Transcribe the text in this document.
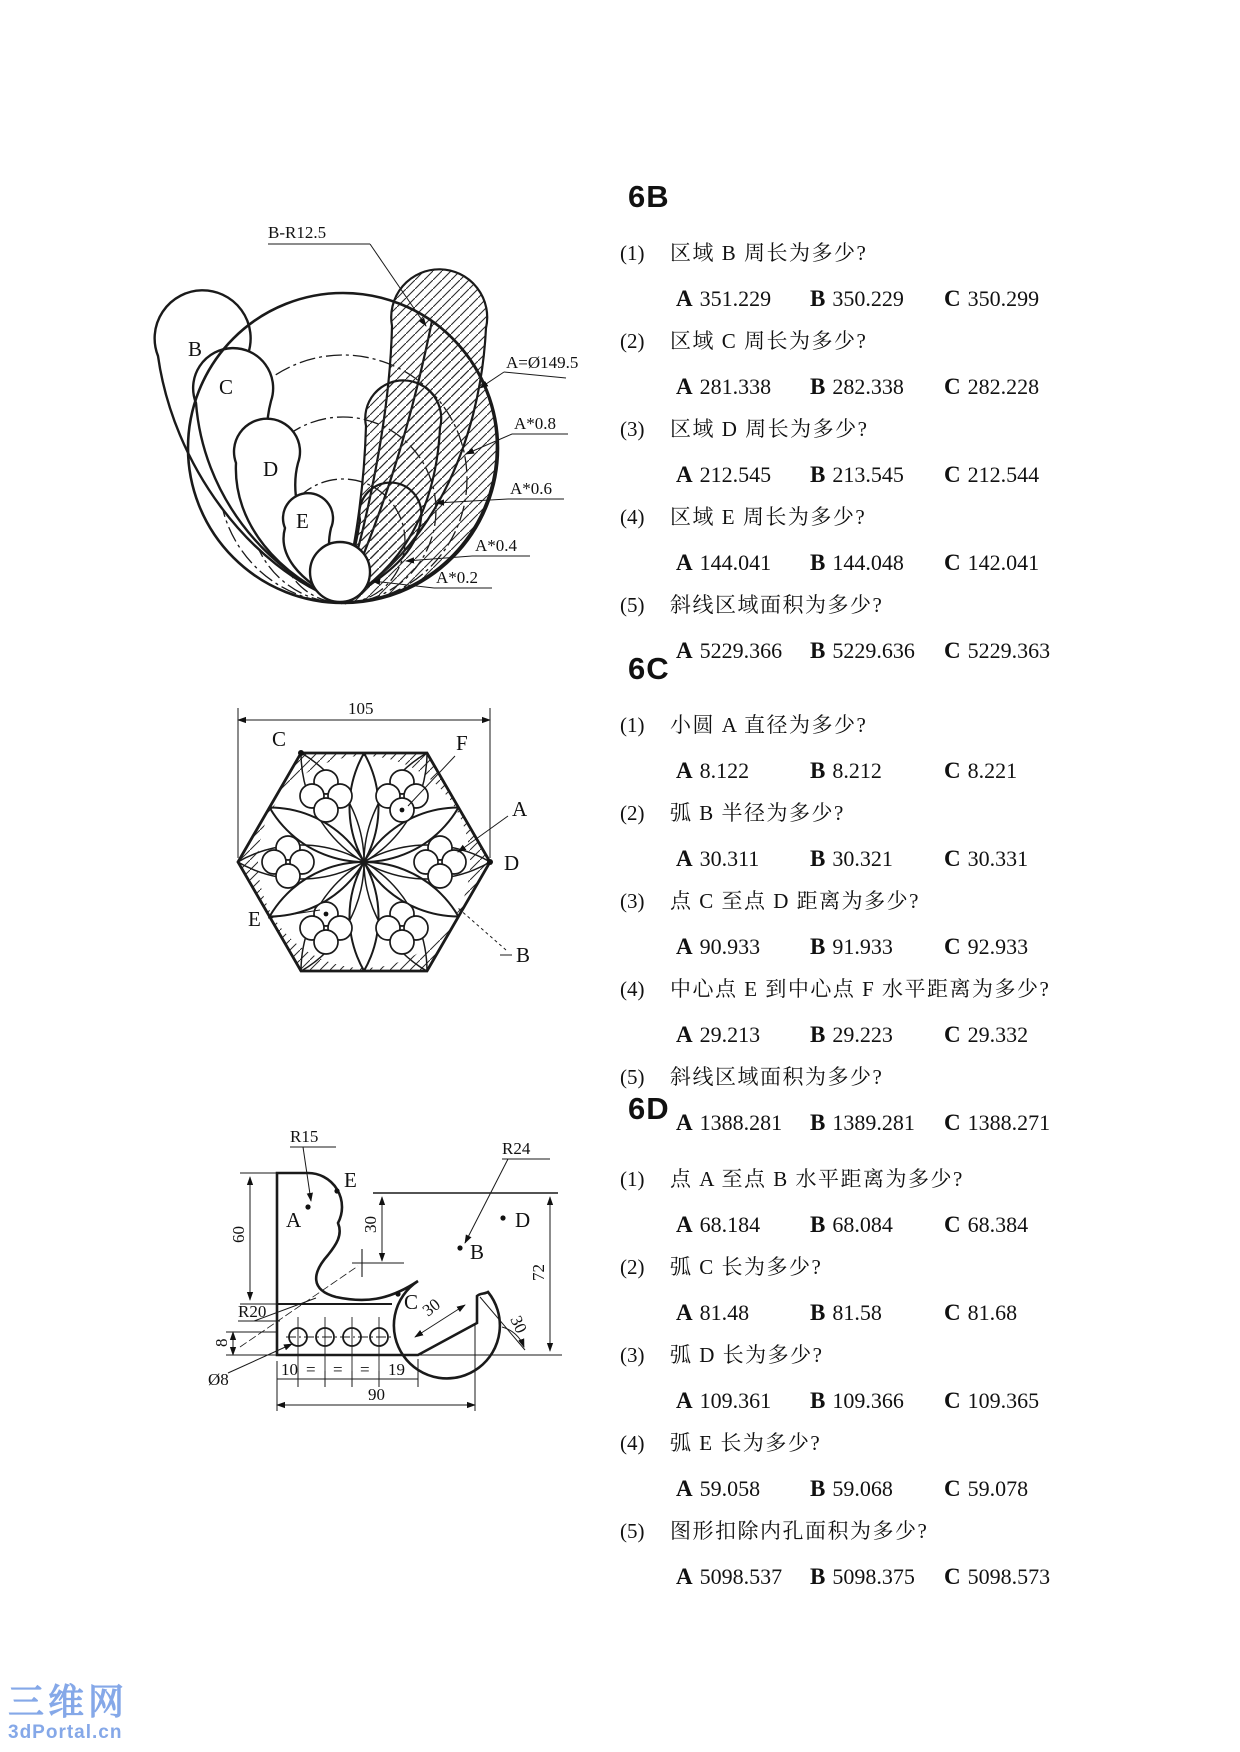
B
C
D
E
B-R12.5
A=Ø149.5
A*0.8
A*0.6
A*0.4
A*0.2
105
C	F
A
D
E
B
R15
R24
R20
Ø8
A
B
C
D
E
60
30
72
8
10 = = = 19
90
30
30
6B
(1)	区域 B 周长为多少?
A 351.229 B 350.229 C 350.299
(2)	区域 C 周长为多少?
A 281.338 B 282.338 C 282.228
(3)	区域 D 周长为多少?
A 212.545 B 213.545 C 212.544
(4)	区域 E 周长为多少?
A 144.041 B 144.048 C 142.041
(5)	斜线区域面积为多少?
A 5229.366 B 5229.636 C 5229.363
6C
(1)	小圆 A 直径为多少?
A 8.122	B 8.212	C 8.221
(2)	弧 B 半径为多少?
A 30.311 B 30.321 C 30.331
(3)	点 C 至点 D 距离为多少?
A 90.933 B 91.933 C 92.933
(4)	中心点 E 到中心点 F 水平距离为多少?
A 29.213 B 29.223 C 29.332
(5)	斜线区域面积为多少?
A 1388.281 B 1389.281 C 1388.271
6D
(1)	点 A 至点 B 水平距离为多少?
A 68.184 B 68.084 C 68.384
(2)	弧 C 长为多少?
A 81.48	B 81.58	C 81.68
(3)	弧 D 长为多少?
A 109.361 B 109.366 C 109.365
(4)	弧 E 长为多少?
A 59.058 B 59.068 C 59.078
(5)	图形扣除内孔面积为多少?
A 5098.537 B 5098.375 C 5098.573
三维网
3dPortal.cn
